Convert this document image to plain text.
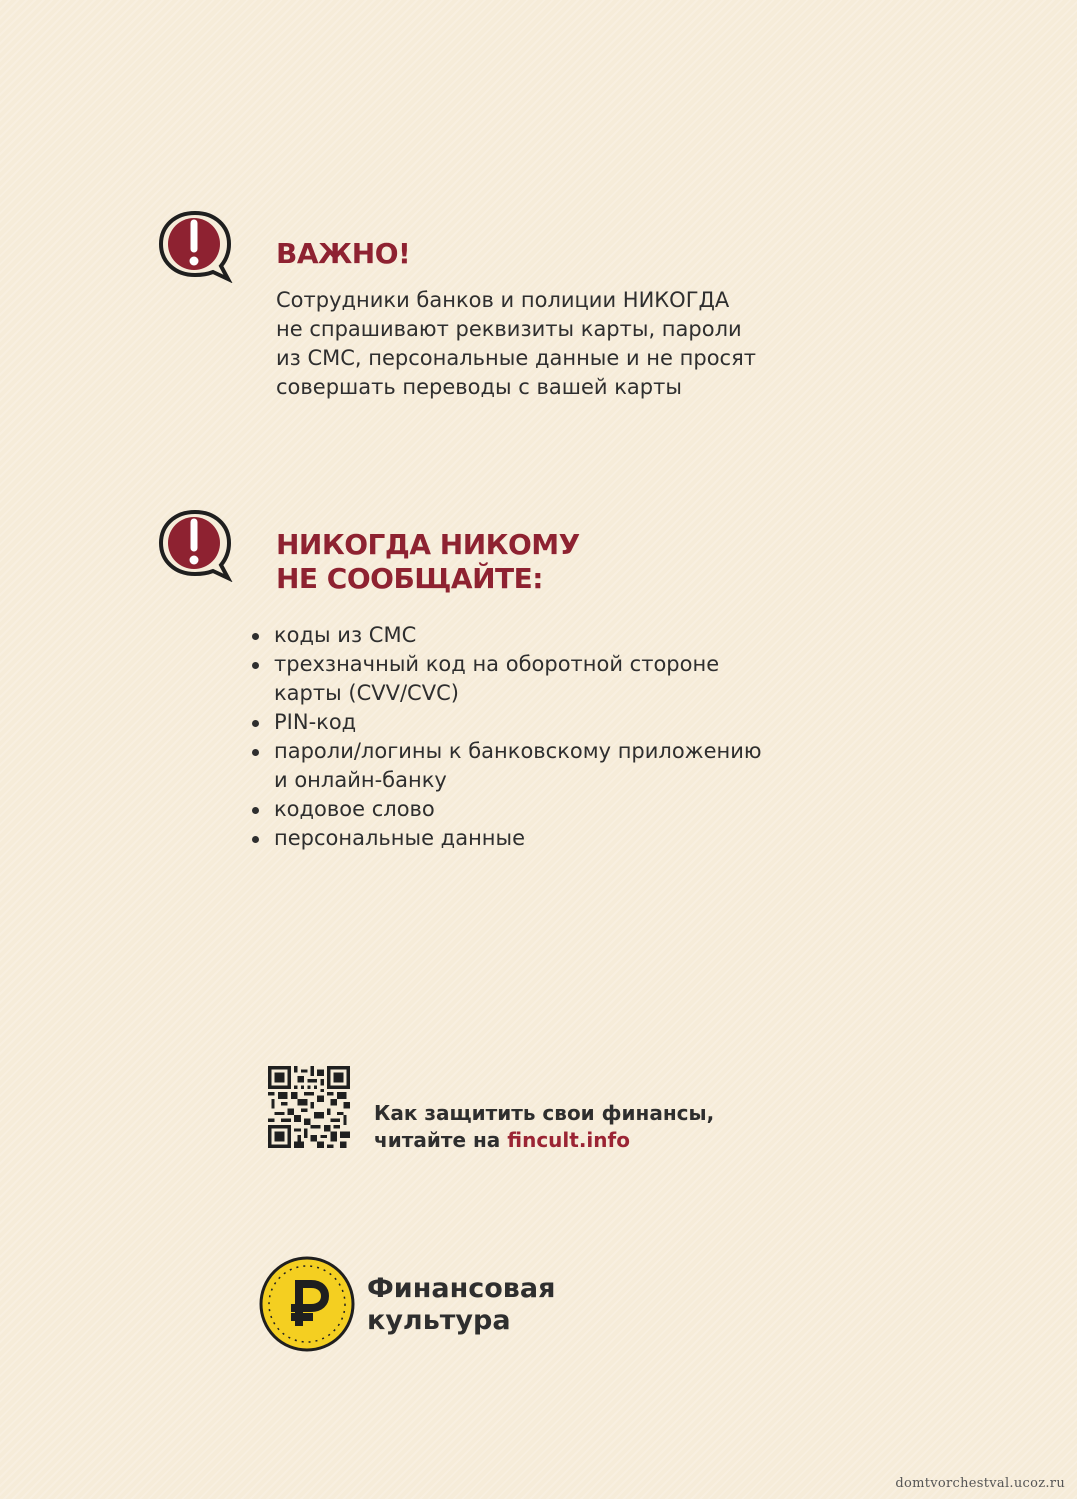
ВАЖНО!
Сотрудники банков и полиции НИКОГДА
не спрашивают реквизиты карты, пароли
из СМС, персональные данные и не просят
совершать переводы с вашей карты
НИКОГДА НИКОМУ
НЕ СООБЩАЙТЕ:
коды из СМС
трехзначный код на оборотной стороне
карты (CVV/CVC)
PIN-код
пароли/логины к банковскому приложению
и онлайн-банку
кодовое слово
персональные данные
Как защитить свои финансы,
читайте на fincult.info
Финансовая
культура
domtvorchestval.ucoz.ru
